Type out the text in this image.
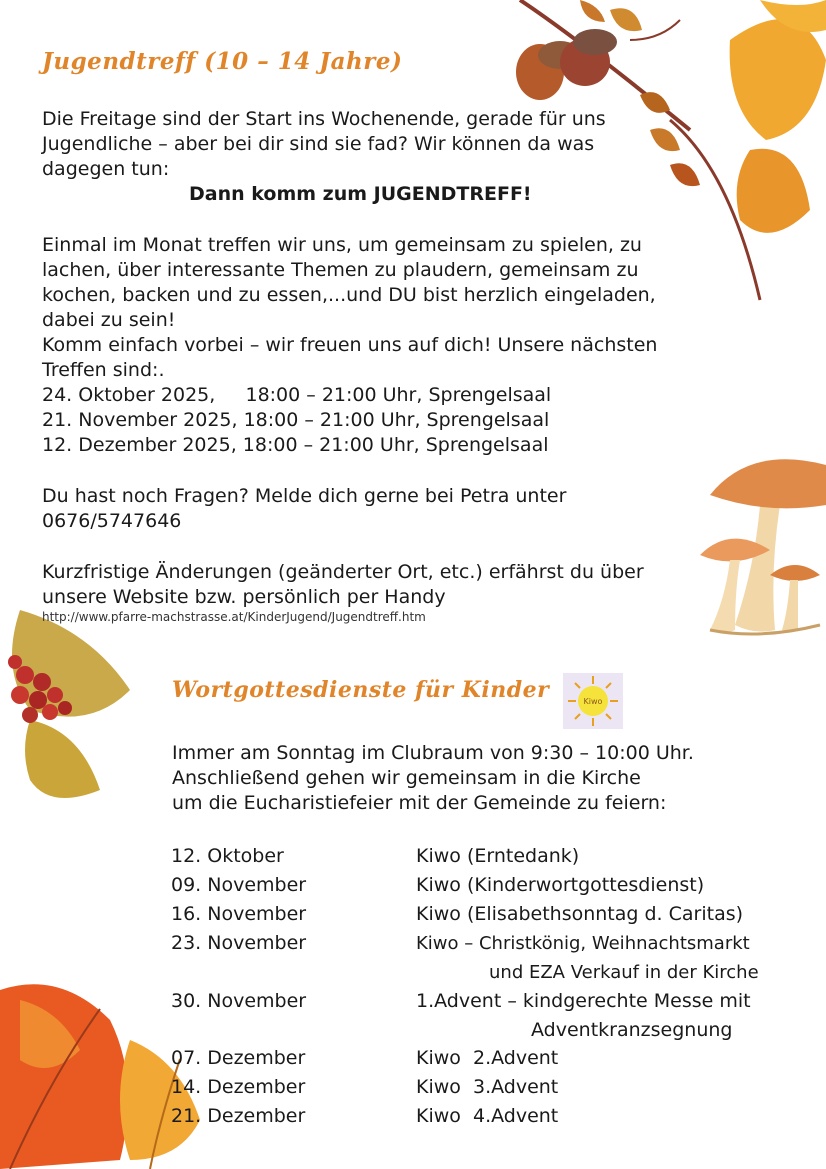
Jugendtreff (10 – 14 Jahre)
Die Freitage sind der Start ins Wochenende, gerade für uns
Jugendliche – aber bei dir sind sie fad? Wir können da was
dagegen tun:
Dann komm zum JUGENDTREFF!
Einmal im Monat treffen wir uns, um gemeinsam zu spielen, zu
lachen, über interessante Themen zu plaudern, gemeinsam zu
kochen, backen und zu essen,...und DU bist herzlich eingeladen,
dabei zu sein!
Komm einfach vorbei – wir freuen uns auf dich! Unsere nächsten
Treffen sind:.
24. Oktober 2025,     18:00 – 21:00 Uhr, Sprengelsaal
21. November 2025, 18:00 – 21:00 Uhr, Sprengelsaal
12. Dezember 2025, 18:00 – 21:00 Uhr, Sprengelsaal
Du hast noch Fragen? Melde dich gerne bei Petra unter
0676/5747646
Kurzfristige Änderungen (geänderter Ort, etc.) erfährst du über
unsere Website bzw. persönlich per Handy
http://www.pfarre-machstrasse.at/KinderJugend/Jugendtreff.htm
Wortgottesdienste für Kinder	Kiwo
Immer am Sonntag im Clubraum von 9:30 – 10:00 Uhr.
Anschließend gehen wir gemeinsam in die Kirche
um die Eucharistiefeier mit der Gemeinde zu feiern:
12. Oktober	Kiwo (Erntedank)
09. November	Kiwo (Kinderwortgottesdienst)
16. November	Kiwo (Elisabethsonntag d. Caritas)
23. November	Kiwo – Christkönig, Weihnachtsmarkt
und EZA Verkauf in der Kirche
30. November	1.Advent – kindgerechte Messe mit
Adventkranzsegnung
07. Dezember	Kiwo  2.Advent
14. Dezember	Kiwo  3.Advent
21. Dezember	Kiwo  4.Advent
